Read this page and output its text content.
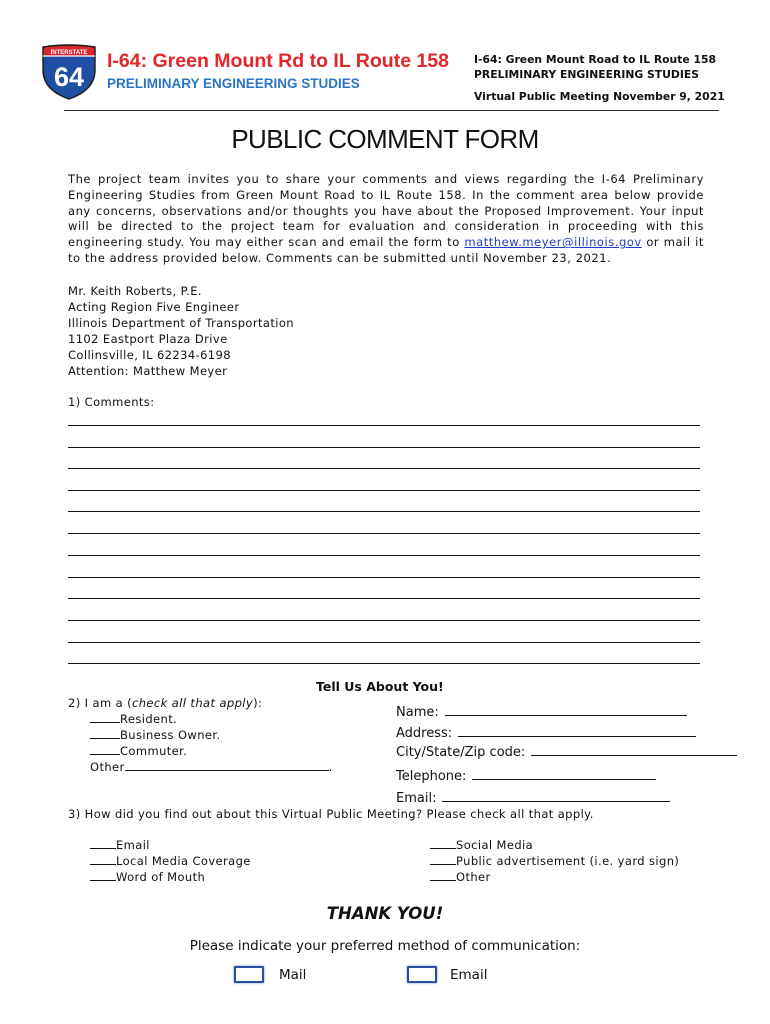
INTERSTATE
64
I-64: Green Mount Rd to IL Route 158
PRELIMINARY ENGINEERING STUDIES
I-64: Green Mount Road to IL Route 158
PRELIMINARY ENGINEERING STUDIES
Virtual Public Meeting November 9, 2021
PUBLIC COMMENT FORM
The project team invites you to share your comments and views regarding the I-64 Preliminary Engineering Studies from Green Mount Road to IL Route 158. In the comment area below provide any concerns, observations and/or thoughts you have about the Proposed Improvement. Your input will be directed to the project team for evaluation and consideration in proceeding with this engineering study. You may either scan and email the form to matthew.meyer@illinois.gov or mail it to the address provided below. Comments can be submitted until November 23, 2021.
Mr. Keith Roberts, P.E.
Acting Region Five Engineer
Illinois Department of Transportation
1102 Eastport Plaza Drive
Collinsville, IL 62234-6198
Attention: Matthew Meyer
1) Comments:
Tell Us About You!
2) I am a (check all that apply):
Resident.
Business Owner.
Commuter.
Other	.
Name:
Address:
City/State/Zip code:
Telephone:
Email:
3) How did you find out about this Virtual Public Meeting? Please check all that apply.
Email
Local Media Coverage
Word of Mouth
Social Media
Public advertisement (i.e. yard sign)
Other
THANK YOU!
Please indicate your preferred method of communication:
Mail	Email
